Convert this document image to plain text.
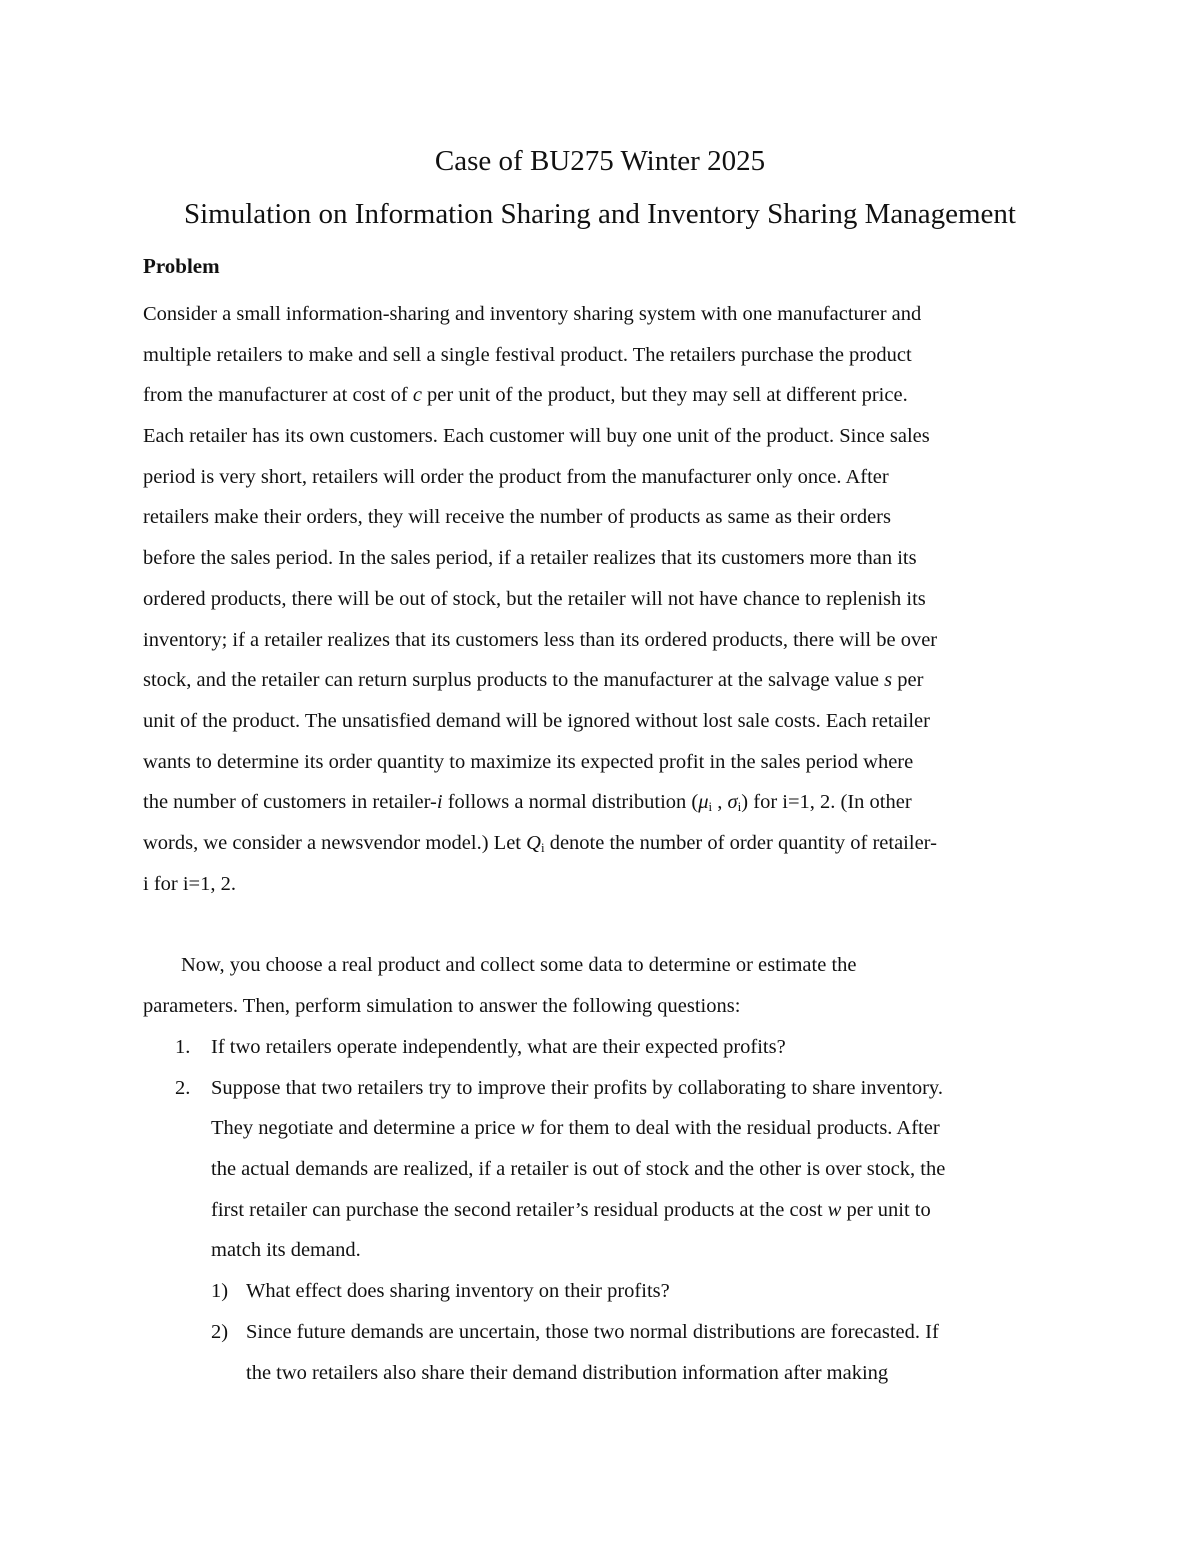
Case of BU275 Winter 2025
Simulation on Information Sharing and Inventory Sharing Management
Problem
Consider a small information-sharing and inventory sharing system with one manufacturer and
multiple retailers to make and sell a single festival product. The retailers purchase the product
from the manufacturer at cost of c per unit of the product, but they may sell at different price.
Each retailer has its own customers. Each customer will buy one unit of the product. Since sales
period is very short, retailers will order the product from the manufacturer only once. After
retailers make their orders, they will receive the number of products as same as their orders
before the sales period. In the sales period, if a retailer realizes that its customers more than its
ordered products, there will be out of stock, but the retailer will not have chance to replenish its
inventory; if a retailer realizes that its customers less than its ordered products, there will be over
stock, and the retailer can return surplus products to the manufacturer at the salvage value s per
unit of the product. The unsatisfied demand will be ignored without lost sale costs. Each retailer
wants to determine its order quantity to maximize its expected profit in the sales period where
the number of customers in retailer-i follows a normal distribution ($\mu_i$ , $\sigma_i$) for i=1, 2. (In other
words, we consider a newsvendor model.) Let $Q_i$ denote the number of order quantity of retailer-
i for i=1, 2.
Now, you choose a real product and collect some data to determine or estimate the
parameters. Then, perform simulation to answer the following questions:
1. If two retailers operate independently, what are their expected profits?
2. Suppose that two retailers try to improve their profits by collaborating to share inventory.
They negotiate and determine a price w for them to deal with the residual products. After
the actual demands are realized, if a retailer is out of stock and the other is over stock, the
first retailer can purchase the second retailer’s residual products at the cost w per unit to
match its demand.
1) What effect does sharing inventory on their profits?
2) Since future demands are uncertain, those two normal distributions are forecasted. If
the two retailers also share their demand distribution information after making
